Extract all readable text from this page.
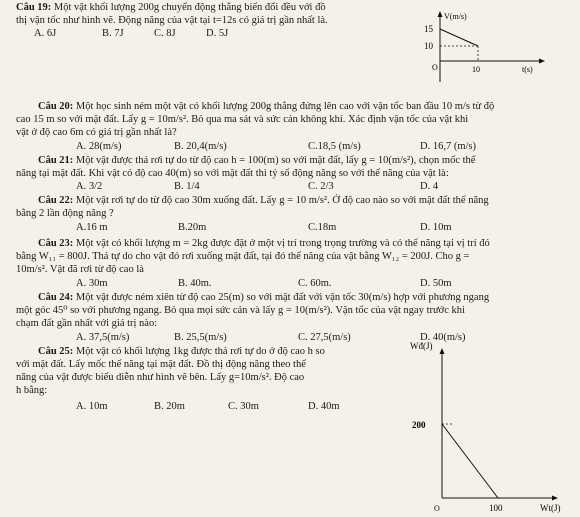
Câu 19: Một vật khối lượng 200g chuyển động thẳng biến đổi đều với đồ
thị vận tốc như hình vẽ. Động năng của vật tại t=12s có giá trị gần nhất là.
A. 6J	B. 7J	C. 8J	D. 5J
V(m/s)
15
10
O	10	t(s)
Câu 20: Một học sinh ném một vật có khối lượng 200g thẳng đứng lên cao với vận tốc ban đầu 10 m/s từ độ
cao 15 m so với mặt đất. Lấy g = 10m/s². Bỏ qua ma sát và sức cản không khí. Xác định vận tốc của vật khi
vật ở độ cao 6m có giá trị gần nhất là?
A. 28(m/s)	B. 20,4(m/s)	C.18,5 (m/s)	D. 16,7 (m/s)
Câu 21: Một vật được thả rơi tự do từ độ cao h = 100(m) so với mặt đất, lấy g = 10(m/s²), chọn mốc thế
năng tại mặt đất. Khi vật có độ cao 40(m) so với mặt đất thì tỷ số động năng so với thế năng của vật là:
A. 3/2	B. 1/4	C. 2/3	D. 4
Câu 22: Một vật rơi tự do từ độ cao 30m xuống đất. Lấy g = 10 m/s². Ở độ cao nào so với mặt đất thế năng
bằng 2 lần động năng ?
A.16 m	B.20m	C.18m	D. 10m
Câu 23: Một vật có khối lượng m = 2kg được đặt ở một vị trí trong trọng trường và có thế năng tại vị trí đó
bằng W₁₁ = 800J. Thả tự do cho vật đó rơi xuống mặt đất, tại đó thế năng của vật bằng W₁₂ = 200J. Cho g =
10m/s². Vật đã rơi từ độ cao là
A. 30m	B. 40m.	C. 60m.	D. 50m
Câu 24: Một vật được ném xiên từ độ cao 25(m) so với mặt đất với vận tốc 30(m/s) hợp với phương ngang
một góc 45⁰ so với phương ngang. Bỏ qua mọi sức cản và lấy g = 10(m/s²). Vận tốc của vật ngay trước khi
chạm đất gần nhất với giá trị nào:
A. 37,5(m/s)	B. 25,5(m/s)	C. 27,5(m/s)	D. 40(m/s)
Câu 25: Một vật có khối lượng 1kg được thả rơi tự do ở độ cao h so
với mặt đất. Lấy mốc thế năng tại mặt đất. Đồ thị động năng theo thế
năng của vật được biểu diễn như hình vẽ bên. Lấy g=10m/s². Độ cao
h bằng:
A. 10m	B. 20m	C. 30m	D. 40m
Wđ(J)
200
O	100	Wt(J)
